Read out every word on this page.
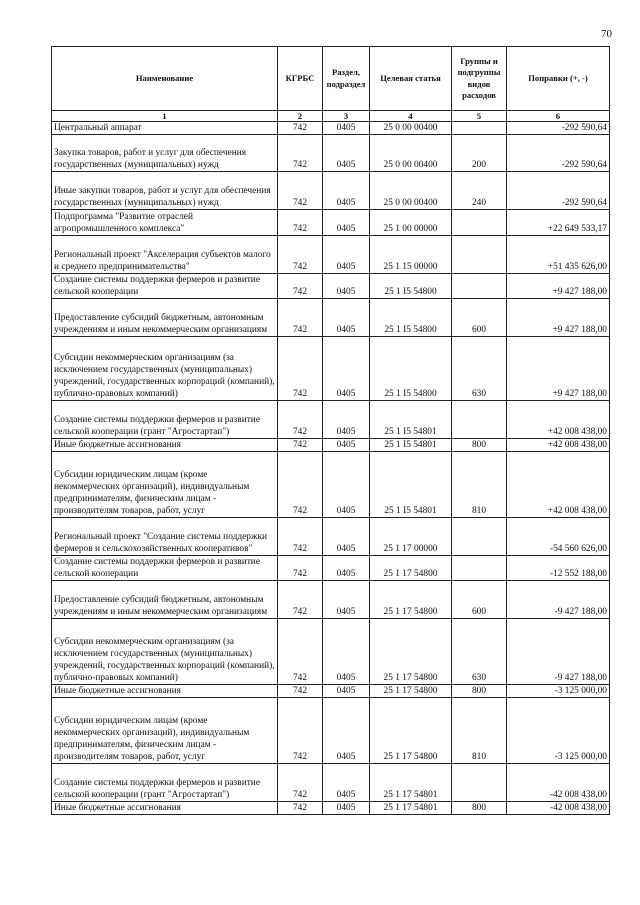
70
Наименование	КГРБС	Раздел, подраздел	Целевая статья	Группы и подгруппы видов расходов	Поправки (+, -)
1	2	3	4	5	6
Центральный аппарат	742	0405	25 0 00 00400		-292 590,64
Закупка товаров, работ и услуг для обеспечения государственных (муниципальных) нужд	742	0405	25 0 00 00400	200	-292 590,64
Иные закупки товаров, работ и услуг для обеспечения государственных (муниципальных) нужд	742	0405	25 0 00 00400	240	-292 590,64
Подпрограмма "Развитие отраслей агропромышленного комплекса"	742	0405	25 1 00 00000		+22 649 533,17
Региональный проект "Акселерация субъектов малого и среднего предпринимательства"	742	0405	25 1 15 00000		+51 435 626,00
Создание системы поддержки фермеров и развитие сельской кооперации	742	0405	25 1 I5 54800		+9 427 188,00
Предоставление субсидий бюджетным, автономным учреждениям и иным некоммерческим организациям	742	0405	25 1 I5 54800	600	+9 427 188,00
Субсидии некоммерческим организациям (за исключением государственных (муниципальных) учреждений, государственных корпораций (компаний), публично-правовых компаний)	742	0405	25 1 I5 54800	630	+9 427 188,00
Создание системы поддержки фермеров и развитие сельской кооперации (грант "Агростартап")	742	0405	25 1 I5 54801		+42 008 438,00
Иные бюджетные ассигнования	742	0405	25 1 I5 54801	800	+42 008 438,00
Субсидии юридическим лицам (кроме некоммерческих организаций), индивидуальным предпринимателям, физическим лицам - производителям товаров, работ, услуг	742	0405	25 1 I5 54801	810	+42 008 438,00
Региональный проект "Создание системы поддержки фермеров и сельскохозяйственных кооперативов"	742	0405	25 1 17 00000		-54 560 626,00
Создание системы поддержки фермеров и развитие сельской кооперации	742	0405	25 1 17 54800		-12 552 188,00
Предоставление субсидий бюджетным, автономным учреждениям и иным некоммерческим организациям	742	0405	25 1 17 54800	600	-9 427 188,00
Субсидии некоммерческим организациям (за исключением государственных (муниципальных) учреждений, государственных корпораций (компаний), публично-правовых компаний)	742	0405	25 1 17 54800	630	-9 427 188,00
Иные бюджетные ассигнования	742	0405	25 1 17 54800	800	-3 125 000,00
Субсидии юридическим лицам (кроме некоммерческих организаций), индивидуальным предпринимателям, физическим лицам - производителям товаров, работ, услуг	742	0405	25 1 17 54800	810	-3 125 000,00
Создание системы поддержки фермеров и развитие сельской кооперации (грант "Агростартап")	742	0405	25 1 17 54801		-42 008 438,00
Иные бюджетные ассигнования	742	0405	25 1 17 54801	800	-42 008 438,00
